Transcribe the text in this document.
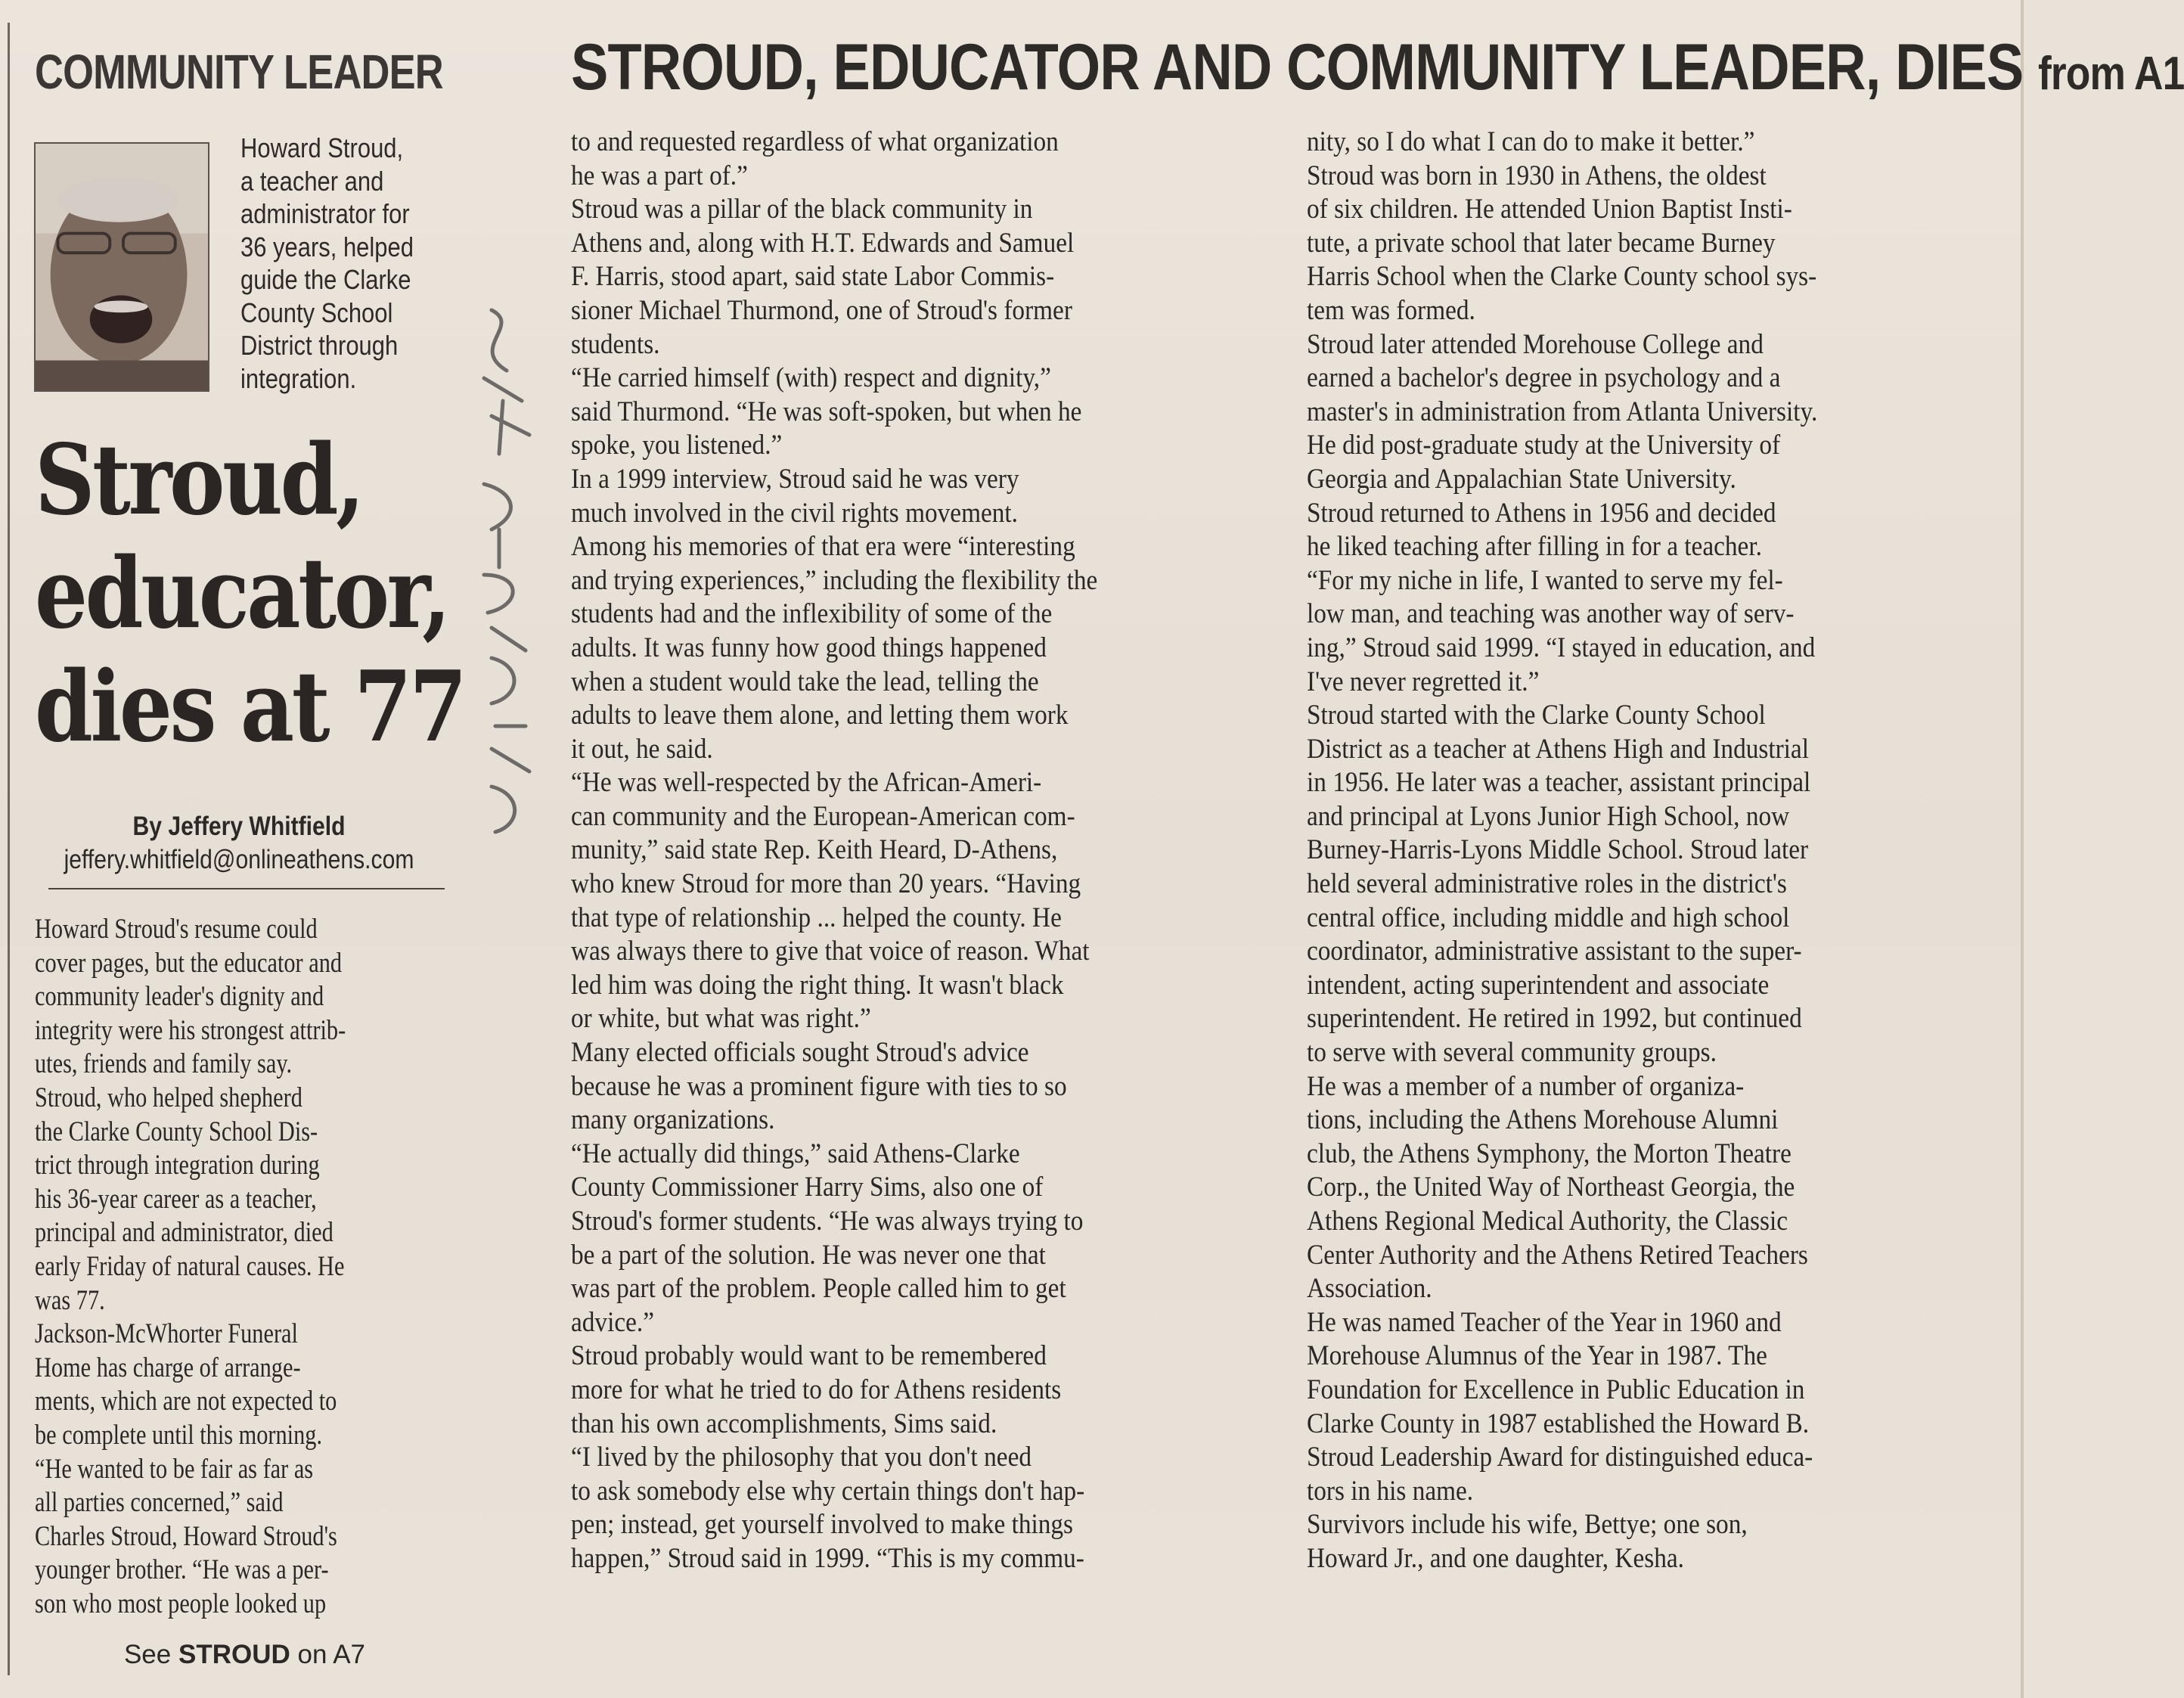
COMMUNITY LEADER STROUD, EDUCATOR AND COMMUNITY LEADER, DIES from A1
Howard Stroud,
a teacher and
administrator for
36 years, helped
guide the Clarke
County School
District through
integration.
Stroud,
educator,
dies at 77
By Jeffery Whitfield
jeffery.whitfield@onlineathens.com
Howard Stroud's resume could
cover pages, but the educator and
community leader's dignity and
integrity were his strongest attrib-
utes, friends and family say.
Stroud, who helped shepherd
the Clarke County School Dis-
trict through integration during
his 36-year career as a teacher,
principal and administrator, died
early Friday of natural causes. He
was 77.
Jackson-McWhorter Funeral
Home has charge of arrange-
ments, which are not expected to
be complete until this morning.
“He wanted to be fair as far as
all parties concerned,” said
Charles Stroud, Howard Stroud's
younger brother. “He was a per-
son who most people looked up
to and requested regardless of what organization
he was a part of.”
Stroud was a pillar of the black community in
Athens and, along with H.T. Edwards and Samuel
F. Harris, stood apart, said state Labor Commis-
sioner Michael Thurmond, one of Stroud's former
students.
“He carried himself (with) respect and dignity,”
said Thurmond. “He was soft-spoken, but when he
spoke, you listened.”
In a 1999 interview, Stroud said he was very
much involved in the civil rights movement.
Among his memories of that era were “interesting
and trying experiences,” including the flexibility the
students had and the inflexibility of some of the
adults. It was funny how good things happened
when a student would take the lead, telling the
adults to leave them alone, and letting them work
it out, he said.
“He was well-respected by the African-Ameri-
can community and the European-American com-
munity,” said state Rep. Keith Heard, D-Athens,
who knew Stroud for more than 20 years. “Having
that type of relationship ... helped the county. He
was always there to give that voice of reason. What
led him was doing the right thing. It wasn't black
or white, but what was right.”
Many elected officials sought Stroud's advice
because he was a prominent figure with ties to so
many organizations.
“He actually did things,” said Athens-Clarke
County Commissioner Harry Sims, also one of
Stroud's former students. “He was always trying to
be a part of the solution. He was never one that
was part of the problem. People called him to get
advice.”
Stroud probably would want to be remembered
more for what he tried to do for Athens residents
than his own accomplishments, Sims said.
“I lived by the philosophy that you don't need
to ask somebody else why certain things don't hap-
pen; instead, get yourself involved to make things
happen,” Stroud said in 1999. “This is my commu-
nity, so I do what I can do to make it better.”
Stroud was born in 1930 in Athens, the oldest
of six children. He attended Union Baptist Insti-
tute, a private school that later became Burney
Harris School when the Clarke County school sys-
tem was formed.
Stroud later attended Morehouse College and
earned a bachelor's degree in psychology and a
master's in administration from Atlanta University.
He did post-graduate study at the University of
Georgia and Appalachian State University.
Stroud returned to Athens in 1956 and decided
he liked teaching after filling in for a teacher.
“For my niche in life, I wanted to serve my fel-
low man, and teaching was another way of serv-
ing,” Stroud said 1999. “I stayed in education, and
I've never regretted it.”
Stroud started with the Clarke County School
District as a teacher at Athens High and Industrial
in 1956. He later was a teacher, assistant principal
and principal at Lyons Junior High School, now
Burney-Harris-Lyons Middle School. Stroud later
held several administrative roles in the district's
central office, including middle and high school
coordinator, administrative assistant to the super-
intendent, acting superintendent and associate
superintendent. He retired in 1992, but continued
to serve with several community groups.
He was a member of a number of organiza-
tions, including the Athens Morehouse Alumni
club, the Athens Symphony, the Morton Theatre
Corp., the United Way of Northeast Georgia, the
Athens Regional Medical Authority, the Classic
Center Authority and the Athens Retired Teachers
Association.
He was named Teacher of the Year in 1960 and
Morehouse Alumnus of the Year in 1987. The
Foundation for Excellence in Public Education in
Clarke County in 1987 established the Howard B.
Stroud Leadership Award for distinguished educa-
tors in his name.
Survivors include his wife, Bettye; one son,
Howard Jr., and one daughter, Kesha.
See STROUD on A7
